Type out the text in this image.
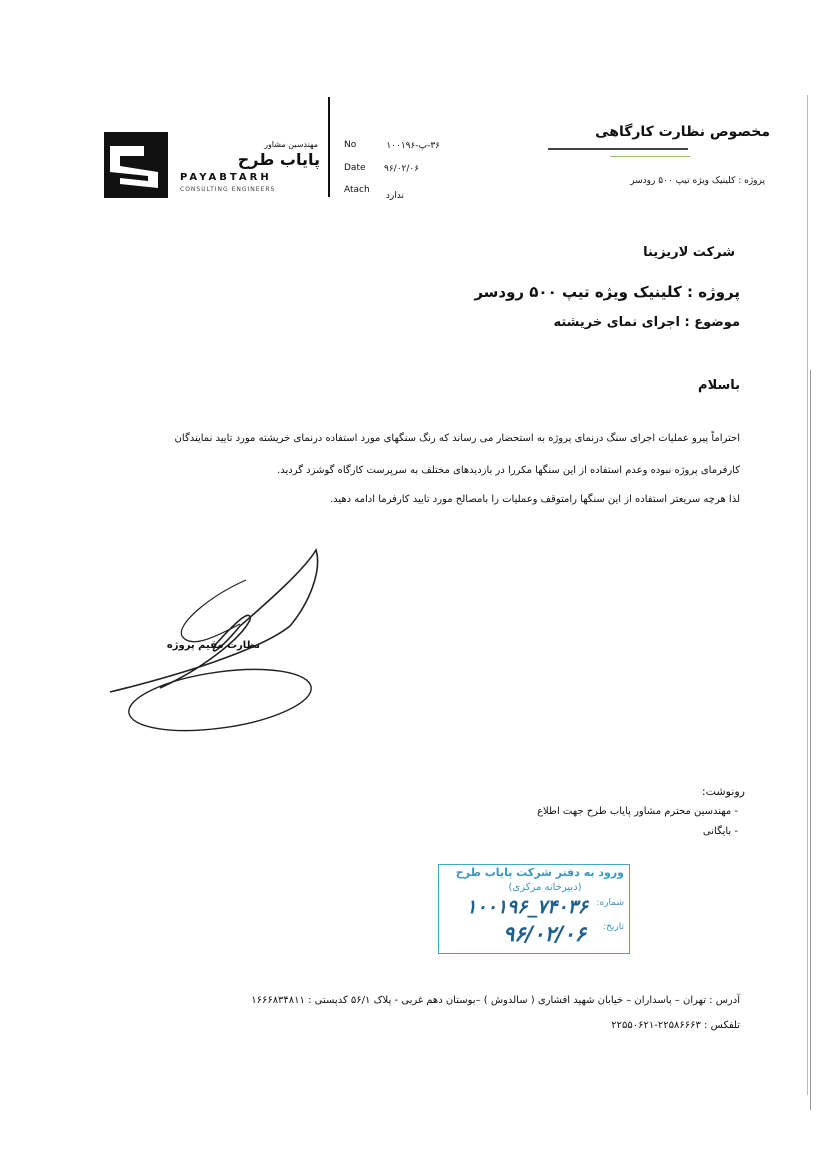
مهندسین مشاور
پایاب طرح
PAYABTARH
CONSULTING ENGINEERS
No	۳۶-پ-۱۰۰۱۹۶
Date ۹۶/۰۲/۰۶
Atach
ندارد
مخصوص نظارت کارگاهی
پروژه : کلینیک ویژه تیپ ۵۰۰ رودسر
شرکت لاریزینا
پروژه : کلینیک ویژه تیپ ۵۰۰ رودسر
موضوع : اجرای نمای خریشته
باسلام
احتراماً پیرو عملیات اجرای سنگ درنمای پروژه به استحضار می رساند که رنگ سنگهای مورد استفاده درنمای خریشته مورد تایید نمایندگان
کارفرمای پروژه نبوده وعدم استفاده از این سنگها مکررا در بازدیدهای مختلف به سرپرست کارگاه گوشزد گردید.
لذا هرچه سریعتر استفاده از این سنگها رامتوقف وعملیات را بامصالح مورد تایید کارفرما ادامه دهید.
نظارت مقیم پروژه
رونوشت:
- مهندسین محترم مشاور پایاب طرح جهت اطلاع
- بایگانی
ورود به دفتر شرکت پایاب طرح
(دبیرخانه مرکزی)
شماره:
۱۰۰۱۹۶_۷۴۰۳۶
تاریخ:
۹۶/۰۲/۰۶
آدرس : تهران – پاسداران – خیابان شهید افشاری ( سالدوش ) –بوستان دهم غربی - پلاک ۵۶/۱ کدپستی : ۱۶۶۶۸۳۴۸۱۱
تلفکس : ۲۲۵۸۶۶۶۳-۲۲۵۵۰۶۲۱
